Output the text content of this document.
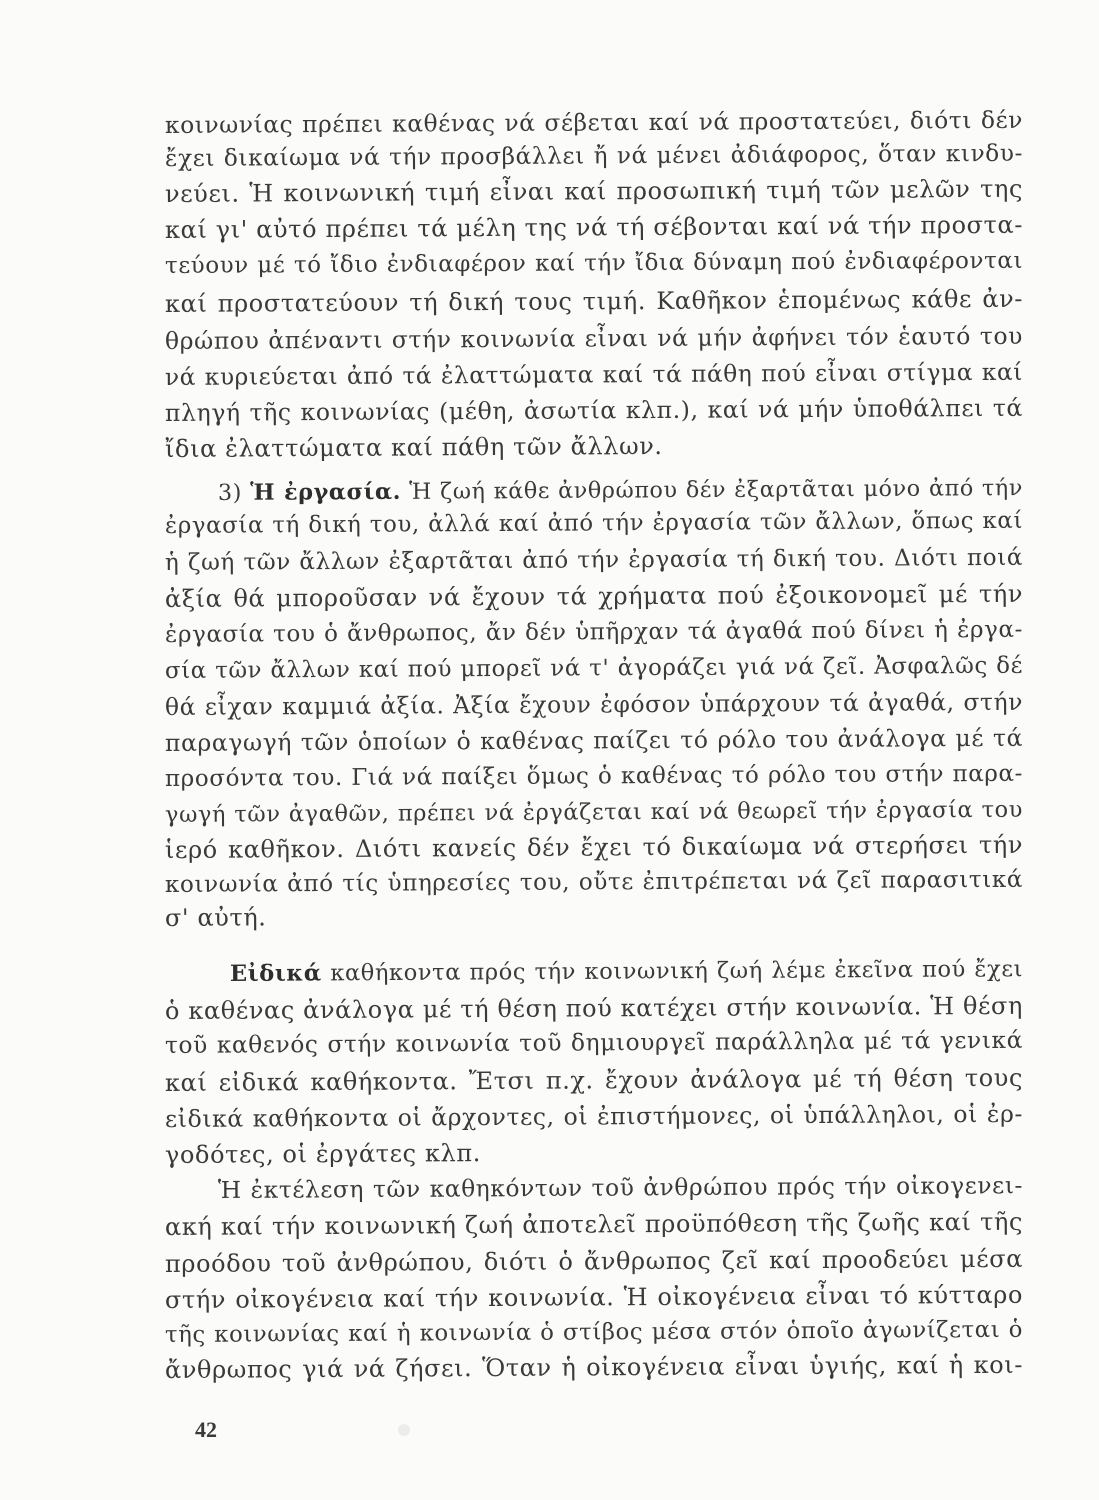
κοινωνίας πρέπει καθένας νά σέβεται καί νά προστατεύει, διότι δέν
ἔχει δικαίωμα νά τήν προσβάλλει ἤ νά μένει ἀδιάφορος, ὅταν κινδυ-
νεύει. Ἡ κοινωνική τιμή εἶναι καί προσωπική τιμή τῶν μελῶν της
καί γι' αὐτό πρέπει τά μέλη της νά τή σέβονται καί νά τήν προστα-
τεύουν μέ τό ἴδιο ἐνδιαφέρον καί τήν ἴδια δύναμη πού ἐνδιαφέρονται
καί προστατεύουν τή δική τους τιμή. Καθῆκον ἑπομένως κάθε ἀν-
θρώπου ἀπέναντι στήν κοινωνία εἶναι νά μήν ἀφήνει τόν ἑαυτό του
νά κυριεύεται ἀπό τά ἐλαττώματα καί τά πάθη πού εἶναι στίγμα καί
πληγή τῆς κοινωνίας (μέθη, ἀσωτία κλπ.), καί νά μήν ὑποθάλπει τά
ἴδια ἐλαττώματα καί πάθη τῶν ἄλλων.
3) Ἡ ἐργασία. Ἡ ζωή κάθε ἀνθρώπου δέν ἐξαρτᾶται μόνο ἀπό τήν
ἐργασία τή δική του, ἀλλά καί ἀπό τήν ἐργασία τῶν ἄλλων, ὅπως καί
ἡ ζωή τῶν ἄλλων ἐξαρτᾶται ἀπό τήν ἐργασία τή δική του. Διότι ποιά
ἀξία θά μποροῦσαν νά ἔχουν τά χρήματα πού ἐξοικονομεῖ μέ τήν
ἐργασία του ὁ ἄνθρωπος, ἄν δέν ὑπῆρχαν τά ἀγαθά πού δίνει ἡ ἐργα-
σία τῶν ἄλλων καί πού μπορεῖ νά τ' ἀγοράζει γιά νά ζεῖ. Ἀσφαλῶς δέ
θά εἶχαν καμμιά ἀξία. Ἀξία ἔχουν ἐφόσον ὑπάρχουν τά ἀγαθά, στήν
παραγωγή τῶν ὁποίων ὁ καθένας παίζει τό ρόλο του ἀνάλογα μέ τά
προσόντα του. Γιά νά παίξει ὅμως ὁ καθένας τό ρόλο του στήν παρα-
γωγή τῶν ἀγαθῶν, πρέπει νά ἐργάζεται καί νά θεωρεῖ τήν ἐργασία του
ἱερό καθῆκον. Διότι κανείς δέν ἔχει τό δικαίωμα νά στερήσει τήν
κοινωνία ἀπό τίς ὑπηρεσίες του, οὔτε ἐπιτρέπεται νά ζεῖ παρασιτικά
σ' αὐτή.
Εἰδικά καθήκοντα πρός τήν κοινωνική ζωή λέμε ἐκεῖνα πού ἔχει
ὁ καθένας ἀνάλογα μέ τή θέση πού κατέχει στήν κοινωνία. Ἡ θέση
τοῦ καθενός στήν κοινωνία τοῦ δημιουργεῖ παράλληλα μέ τά γενικά
καί εἰδικά καθήκοντα. Ἔτσι π.χ. ἔχουν ἀνάλογα μέ τή θέση τους
εἰδικά καθήκοντα οἱ ἄρχοντες, οἱ ἐπιστήμονες, οἱ ὑπάλληλοι, οἱ ἐρ-
γοδότες, οἱ ἐργάτες κλπ.
Ἡ ἐκτέλεση τῶν καθηκόντων τοῦ ἀνθρώπου πρός τήν οἰκογενει-
ακή καί τήν κοινωνική ζωή ἀποτελεῖ προϋπόθεση τῆς ζωῆς καί τῆς
προόδου τοῦ ἀνθρώπου, διότι ὁ ἄνθρωπος ζεῖ καί προοδεύει μέσα
στήν οἰκογένεια καί τήν κοινωνία. Ἡ οἰκογένεια εἶναι τό κύτταρο
τῆς κοινωνίας καί ἡ κοινωνία ὁ στίβος μέσα στόν ὁποῖο ἀγωνίζεται ὁ
ἄνθρωπος γιά νά ζήσει. Ὅταν ἡ οἰκογένεια εἶναι ὑγιής, καί ἡ κοι-
42
